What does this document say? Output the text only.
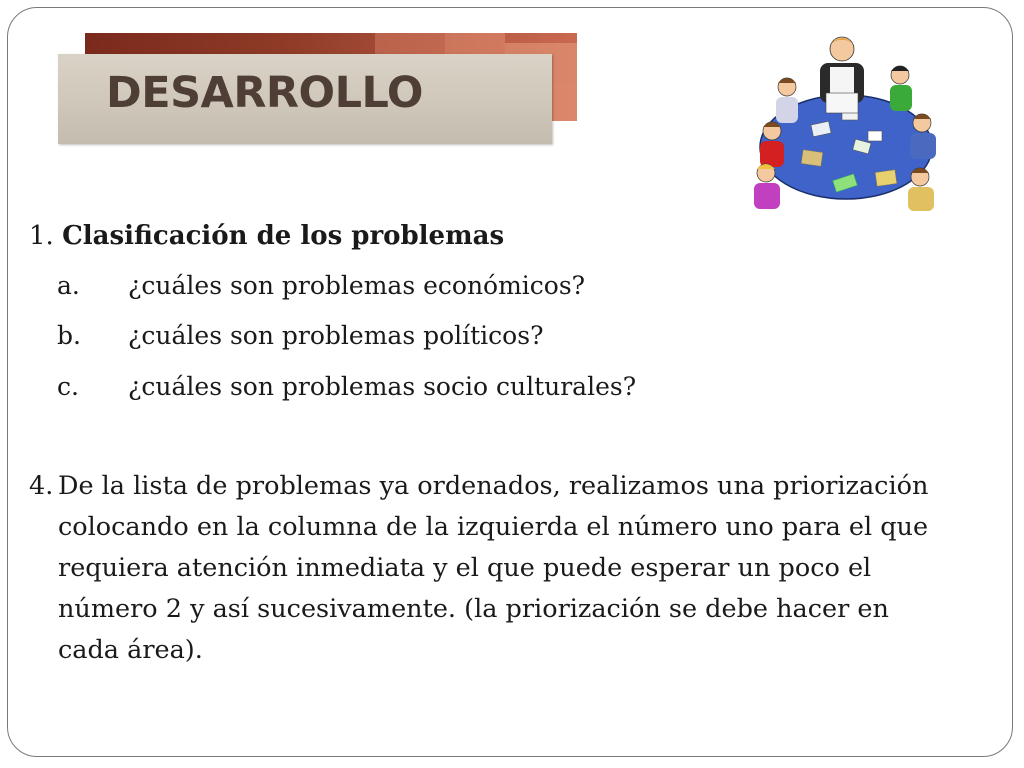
DESARROLLO

1. Clasificación de los problemas

a. ¿cuáles son problemas económicos?
b. ¿cuáles son problemas políticos?
c. ¿cuáles son problemas socio culturales?
4. De la lista de problemas ya ordenados, realizamos una priorización
colocando en la columna de la izquierda el número uno para el que
requiera atención inmediata y el que puede esperar un poco el
número 2 y así sucesivamente. (la priorización se debe hacer en
cada área).
